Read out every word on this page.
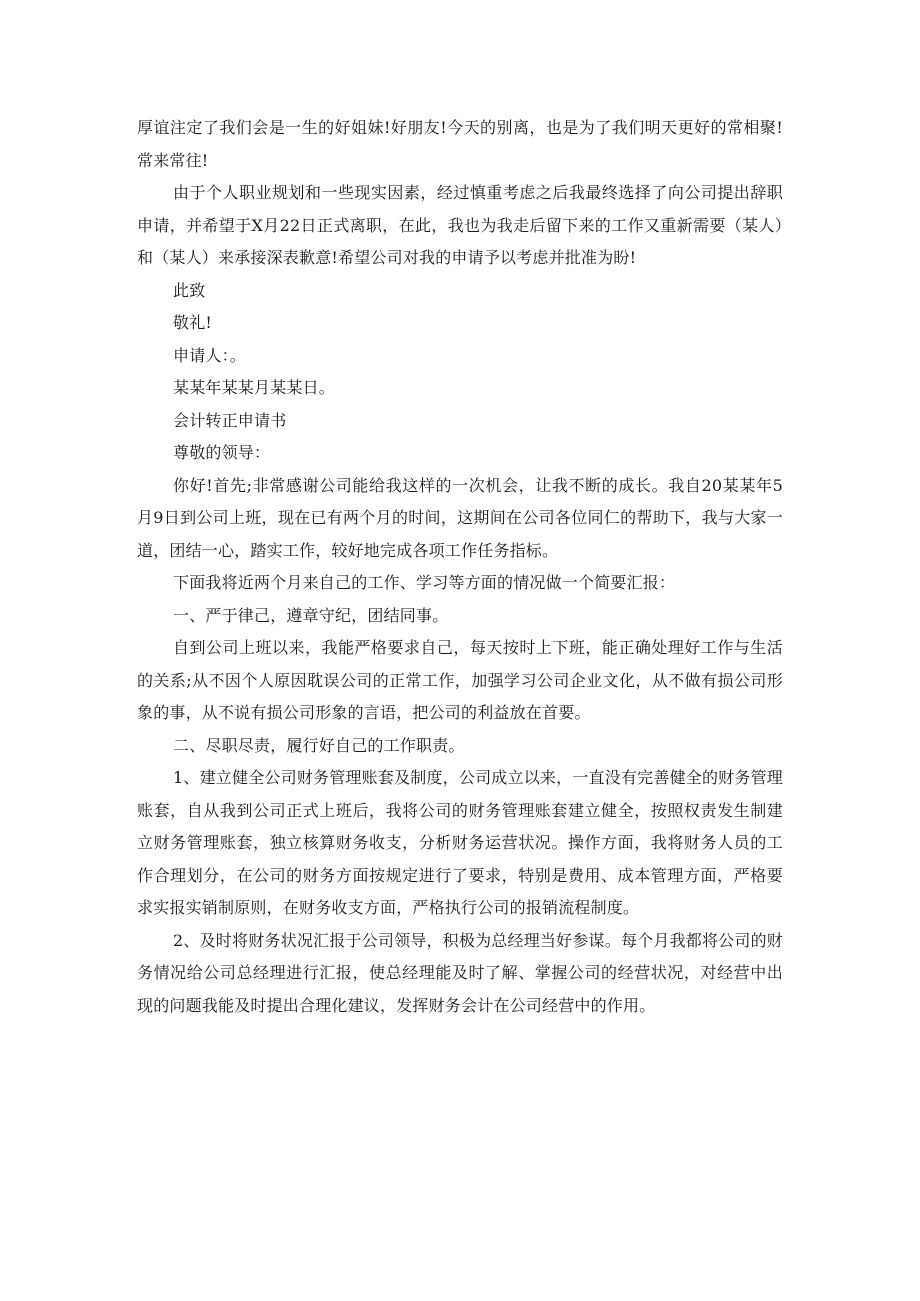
厚谊注定了我们会是一生的好姐妹!好朋友!今天的别离，也是为了我们明天更好的常相聚!常来常往!

由于个人职业规划和一些现实因素，经过慎重考虑之后我最终选择了向公司提出辞职申请，并希望于X月22日正式离职，在此，我也为我走后留下来的工作又重新需要（某人）和（某人）来承接深表歉意!希望公司对我的申请予以考虑并批准为盼!

此致

敬礼!

申请人：。

某某年某某月某某日。

会计转正申请书

尊敬的领导：

你好!首先;非常感谢公司能给我这样的一次机会，让我不断的成长。我自20某某年5月9日到公司上班，现在已有两个月的时间，这期间在公司各位同仁的帮助下，我与大家一道，团结一心，踏实工作，较好地完成各项工作任务指标。

下面我将近两个月来自己的工作、学习等方面的情况做一个简要汇报：

一、严于律己，遵章守纪，团结同事。

自到公司上班以来，我能严格要求自己，每天按时上下班，能正确处理好工作与生活的关系;从不因个人原因耽误公司的正常工作，加强学习公司企业文化，从不做有损公司形象的事，从不说有损公司形象的言语，把公司的利益放在首要。

二、尽职尽责，履行好自己的工作职责。

1、建立健全公司财务管理账套及制度，公司成立以来，一直没有完善健全的财务管理账套，自从我到公司正式上班后，我将公司的财务管理账套建立健全，按照权责发生制建立财务管理账套，独立核算财务收支，分析财务运营状况。操作方面，我将财务人员的工作合理划分，在公司的财务方面按规定进行了要求，特别是费用、成本管理方面，严格要求实报实销制原则，在财务收支方面，严格执行公司的报销流程制度。

2、及时将财务状况汇报于公司领导，积极为总经理当好参谋。每个月我都将公司的财务情况给公司总经理进行汇报，使总经理能及时了解、掌握公司的经营状况，对经营中出现的问题我能及时提出合理化建议，发挥财务会计在公司经营中的作用。
